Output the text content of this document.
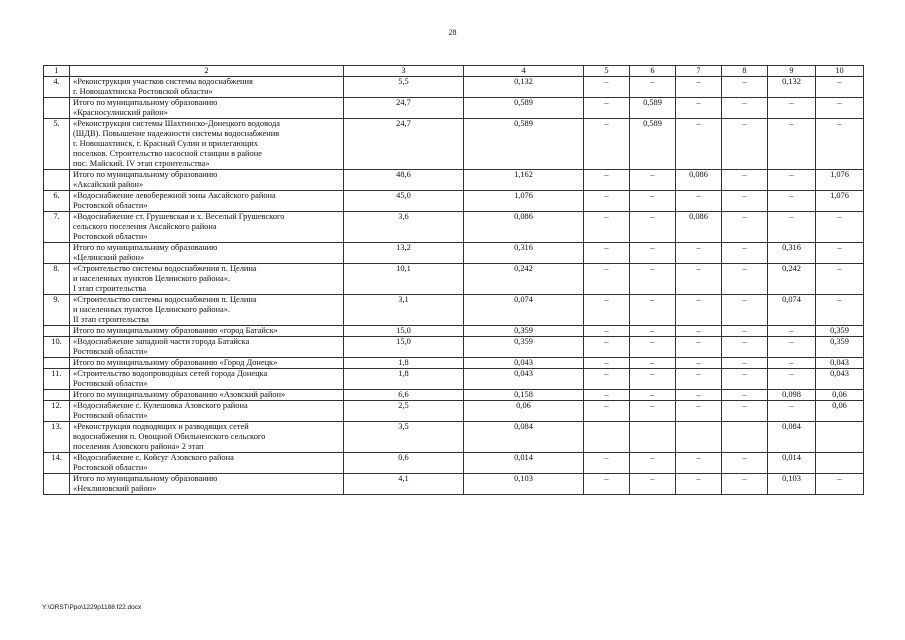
28
1	2	3	4	5	6	7	8	9	10
4.	«Реконструкция участков системы водоснабжения
г. Новошахтинска Ростовской области»	5,5	0,132	–	–	–	–	0,132	–

	Итого по муниципальному образованию
«Красносулинский район»	24,7	0,589	–	0,589	–	–	–	–
5.	«Реконструкция системы Шахтинско-Донецкого водовода
(ШДВ). Повышение надежности системы водоснабжения
г. Новошахтинск, г. Красный Сулин и прилегающих
поселков. Строительство насосной станции в районе
пос. Майский. IV этап строительства»	24,7	0,589	–	0,589	–	–	–	–

	Итого по муниципальному образованию
«Аксайский район»	48,6	1,162	–	–	0,086	–	–	1,076
6.	«Водоснабжение левобережной зоны Аксайского района
Ростовской области»	45,0	1,076	–	–	–	–	–	1,076
7.	«Водоснабжение ст. Грушевская и х. Веселый Грушевского
сельского поселения Аксайского района
Ростовской области»	3,6	0,086	–	–	0,086	–	–	–

	Итого по муниципальному образованию
«Целинский район»	13,2	0,316	–	–	–	–	0,316	–
8.	«Строительство системы водоснабжения п. Целина
и населенных пунктов Целинского района».
I этап строительства	10,1	0,242	–	–	–	–	0,242	–
9.	«Строительство системы водоснабжения п. Целина
и населенных пунктов Целинского района».
II этап строительства	3,1	0,074	–	–	–	–	0,074	–

	Итого по муниципальному образованию «город Батайск»	15,0	0,359	–	–	–	–	–	0,359
10.	«Водоснабжение западной части города Батайска
Ростовской области»	15,0	0,359	–	–	–	–	–	0,359

	Итого по муниципальному образованию «Город Донецк»	1,8	0,043	–	–	–	–	–	0,043
11.	«Строительство водопроводных сетей города Донецка
Ростовской области»	1,8	0,043	–	–	–	–	–	0,043

	Итого по муниципальному образованию «Азовский район»	6,6	0,158	–	–	–	–	0,098	0,06
12.	«Водоснабжение с. Кулешовка Азовского района
Ростовской области»	2,5	0,06	–	–	–	–	–	0,06
13.	«Реконструкция подводящих и разводящих сетей
водоснабжения п. Овощной Обильненского сельского
поселения Азовского района» 2 этап	3,5	0,084					0,084	
14.	«Водоснабжение с. Койсуг Азовского района
Ростовской области»	0,6	0,014	–	–	–	–	0,014	

	Итого по муниципальному образованию
«Неклиновский район»	4,1	0,103	–	–	–	–	0,103	–
Y:\ORST\Ppo\1229p1188.f22.docx
